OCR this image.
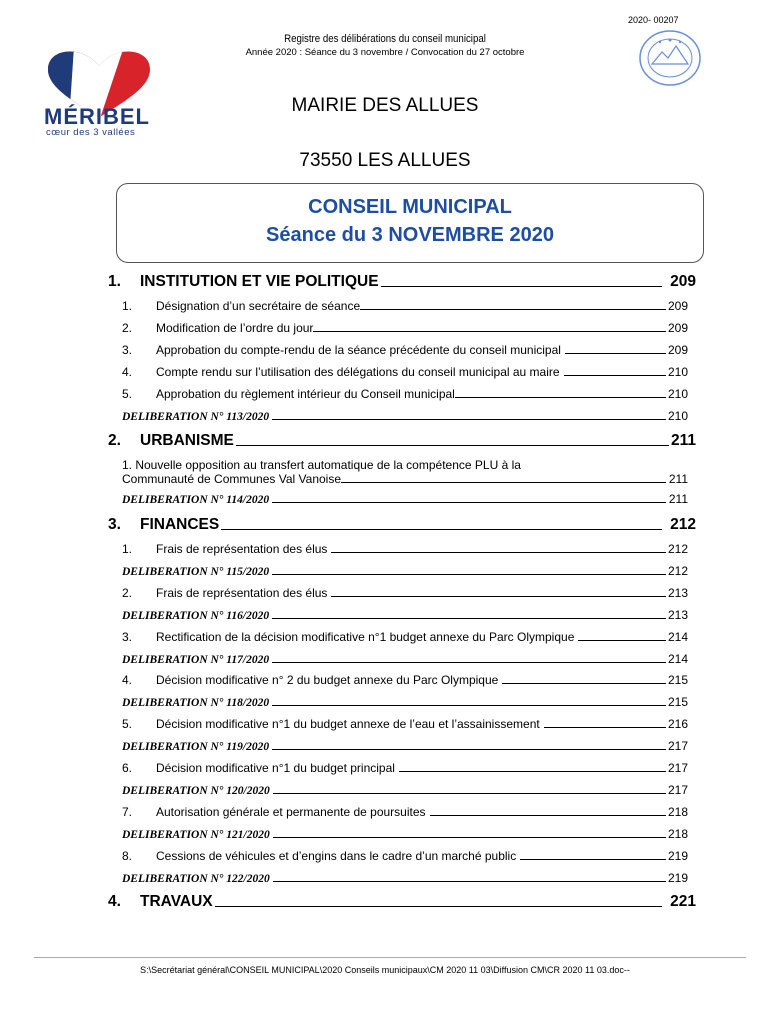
2020- 00207
Registre des délibérations du conseil municipal
Année 2020 : Séance du 3 novembre / Convocation du 27 octobre
MÉRIBEL
cœur des 3 vallées
MAIRIE DES ALLUES
73550 LES ALLUES
CONSEIL MUNICIPAL
Séance du 3 NOVEMBRE 2020
1.	INSTITUTION ET VIE POLITIQUE	209
1.	Désignation d’un secrétaire de séance	209
2.	Modification de l’ordre du jour	209
3.	Approbation du compte-rendu de la séance précédente du conseil municipal	209
4.	Compte rendu sur l’utilisation des délégations du conseil municipal au maire	210
5.	Approbation du règlement intérieur du Conseil municipal	210
DELIBERATION N° 113/2020	210
2.	URBANISME	211
1. Nouvelle opposition au transfert automatique de la compétence PLU à la
Communauté de Communes Val Vanoise	211
DELIBERATION N° 114/2020	211
3.	FINANCES	212
1.	Frais de représentation des élus	212
DELIBERATION N° 115/2020	212
2.	Frais de représentation des élus	213
DELIBERATION N° 116/2020	213
3.	Rectification de la décision modificative n°1 budget annexe du Parc Olympique	214
DELIBERATION N° 117/2020	214
4.	Décision modificative n° 2 du budget annexe du Parc Olympique	215
DELIBERATION N° 118/2020	215
5.	Décision modificative n°1 du budget annexe de l’eau et l’assainissement	216
DELIBERATION N° 119/2020	217
6.	Décision modificative n°1 du budget principal	217
DELIBERATION N° 120/2020	217
7.	Autorisation générale et permanente de poursuites	218
DELIBERATION N° 121/2020	218
8.	Cessions de véhicules et d’engins dans le cadre d’un marché public	219
DELIBERATION N° 122/2020	219
4.	TRAVAUX	221
S:\Secrétariat général\CONSEIL MUNICIPAL\2020 Conseils municipaux\CM 2020 11 03\Diffusion CM\CR 2020 11 03.doc--
